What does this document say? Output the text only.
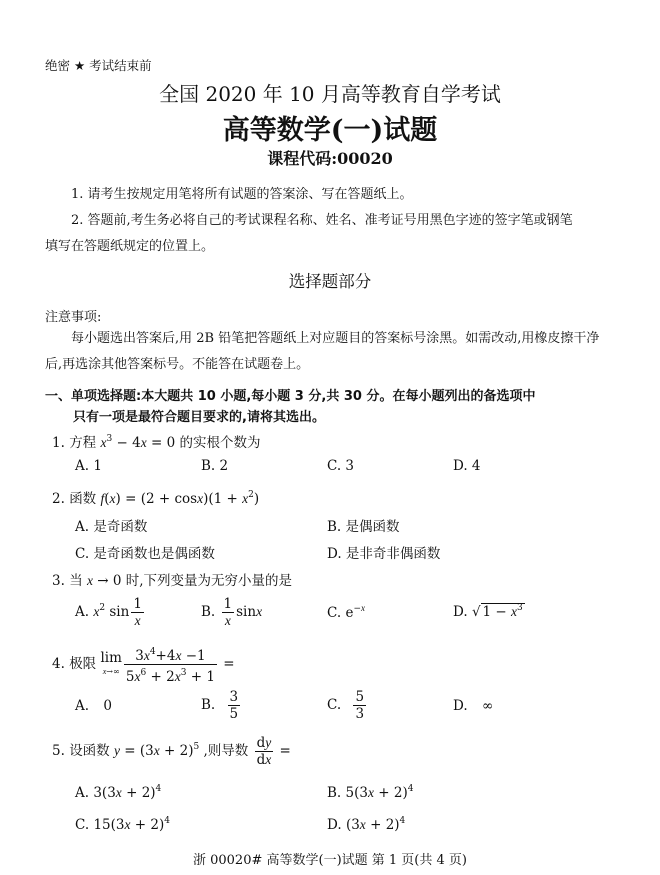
绝密 ★ 考试结束前
全国 2020 年 10 月高等教育自学考试
高等数学(一)试题
课程代码:00020
1. 请考生按规定用笔将所有试题的答案涂、写在答题纸上。
2. 答题前,考生务必将自己的考试课程名称、姓名、准考证号用黑色字迹的签字笔或钢笔
填写在答题纸规定的位置上。
选择题部分
注意事项:
每小题选出答案后,用 2B 铅笔把答题纸上对应题目的答案标号涂黑。如需改动,用橡皮擦干净后,再选涂其他答案标号。不能答在试题卷上。
一、单项选择题:本大题共 10 小题,每小题 3 分,共 30 分。在每小题列出的备选项中
只有一项是最符合题目要求的,请将其选出。
1. 方程 $x^3 - 4x = 0$ 的实根个数为
A. 1	B. 2	C. 3	D. 4
2. 函数 $f(x) = (2 + \cos x)(1 + x^2)$
A. 是奇函数	B. 是偶函数
C. 是奇函数也是偶函数	D. 是非奇非偶函数
3. 当 x → 0 时,下列变量为无穷小量的是
A. $x^2$ $\sin \frac{1}{x}$	B. $\frac{1}{x}$ sinx	C. $e^{-x}$	D. √ $1 - x^3$
4. 极限 lim
$x\to\infty \frac{3x^4+4x -1}{5x^6 + 2x^3 + 1}$ =
A. 0	B. $\frac{3}{5}$	C. $\frac{5}{3}$	D. ∞
5. 设函数 $y = (3x + 2)^5$ ,则导数 $\frac{dy}{dx}$ =
A. $3(3x + 2)^4$	B. $5(3x + 2)^4$
C. $15(3x + 2)^4$	D. $(3x + 2)^4$
浙 00020# 高等数学(一)试题 第 1 页(共 4 页)
